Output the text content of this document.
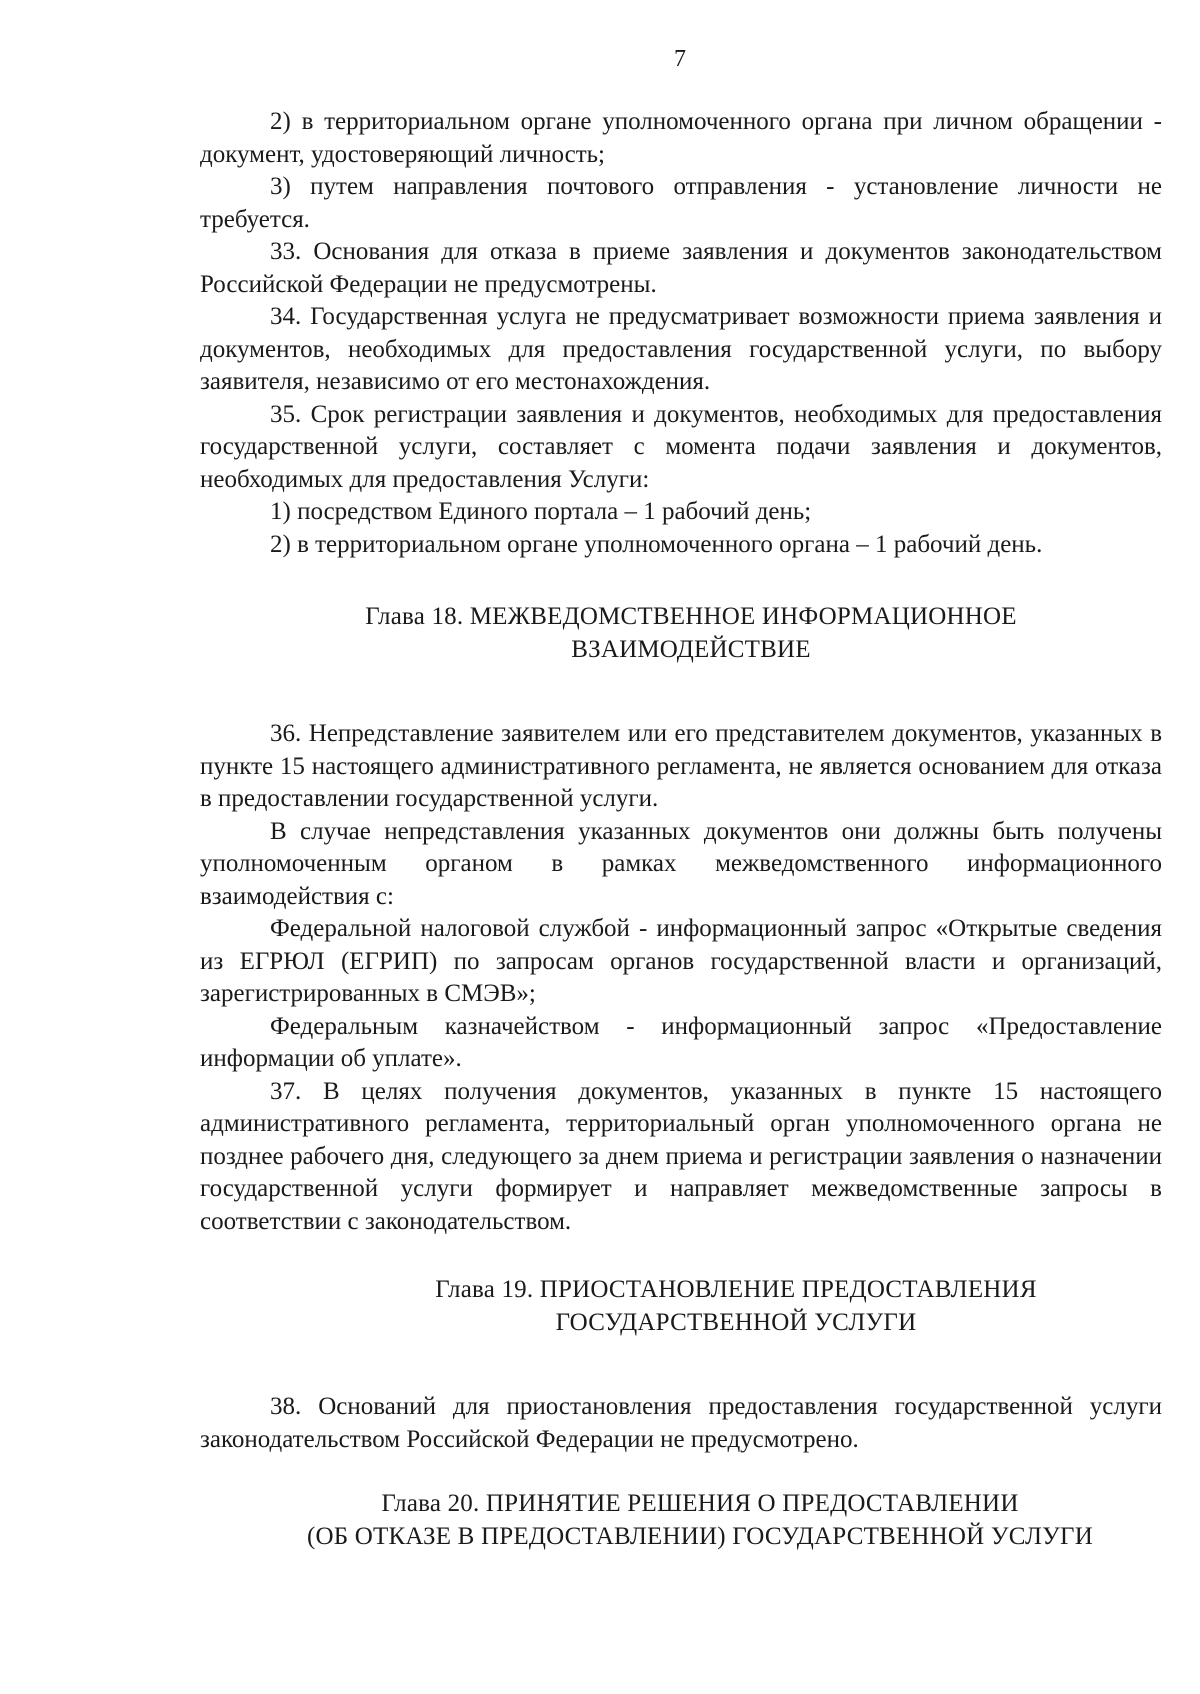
7

2) в территориальном органе уполномоченного органа при личном обращении - документ, удостоверяющий личность;

3) путем направления почтового отправления - установление личности не требуется.

33. Основания для отказа в приеме заявления и документов законодательством Российской Федерации не предусмотрены.

34. Государственная услуга не предусматривает возможности приема заявления и документов, необходимых для предоставления государственной услуги, по выбору заявителя, независимо от его местонахождения.

35. Срок регистрации заявления и документов, необходимых для предоставления государственной услуги, составляет с момента подачи заявления и документов, необходимых для предоставления Услуги:

1) посредством Единого портала – 1 рабочий день;

2) в территориальном органе уполномоченного органа – 1 рабочий день.

Глава 18. МЕЖВЕДОМСТВЕННОЕ ИНФОРМАЦИОННОЕ
ВЗАИМОДЕЙСТВИЕ

36. Непредставление заявителем или его представителем документов, указанных в пункте 15 настоящего административного регламента, не является основанием для отказа в предоставлении государственной услуги.

В случае непредставления указанных документов они должны быть получены уполномоченным органом в рамках межведомственного информационного взаимодействия с:

Федеральной налоговой службой - информационный запрос «Открытые сведения из ЕГРЮЛ (ЕГРИП) по запросам органов государственной власти и организаций, зарегистрированных в СМЭВ»;

Федеральным казначейством - информационный запрос «Предоставление информации об уплате».

37. В целях получения документов, указанных в пункте 15 настоящего административного регламента, территориальный орган уполномоченного органа не позднее рабочего дня, следующего за днем приема и регистрации заявления о назначении государственной услуги формирует и направляет межведомственные запросы в соответствии с законодательством.

Глава 19. ПРИОСТАНОВЛЕНИЕ ПРЕДОСТАВЛЕНИЯ
ГОСУДАРСТВЕННОЙ УСЛУГИ

38. Оснований для приостановления предоставления государственной услуги законодательством Российской Федерации не предусмотрено.

Глава 20. ПРИНЯТИЕ РЕШЕНИЯ О ПРЕДОСТАВЛЕНИИ
(ОБ ОТКАЗЕ В ПРЕДОСТАВЛЕНИИ) ГОСУДАРСТВЕННОЙ УСЛУГИ
